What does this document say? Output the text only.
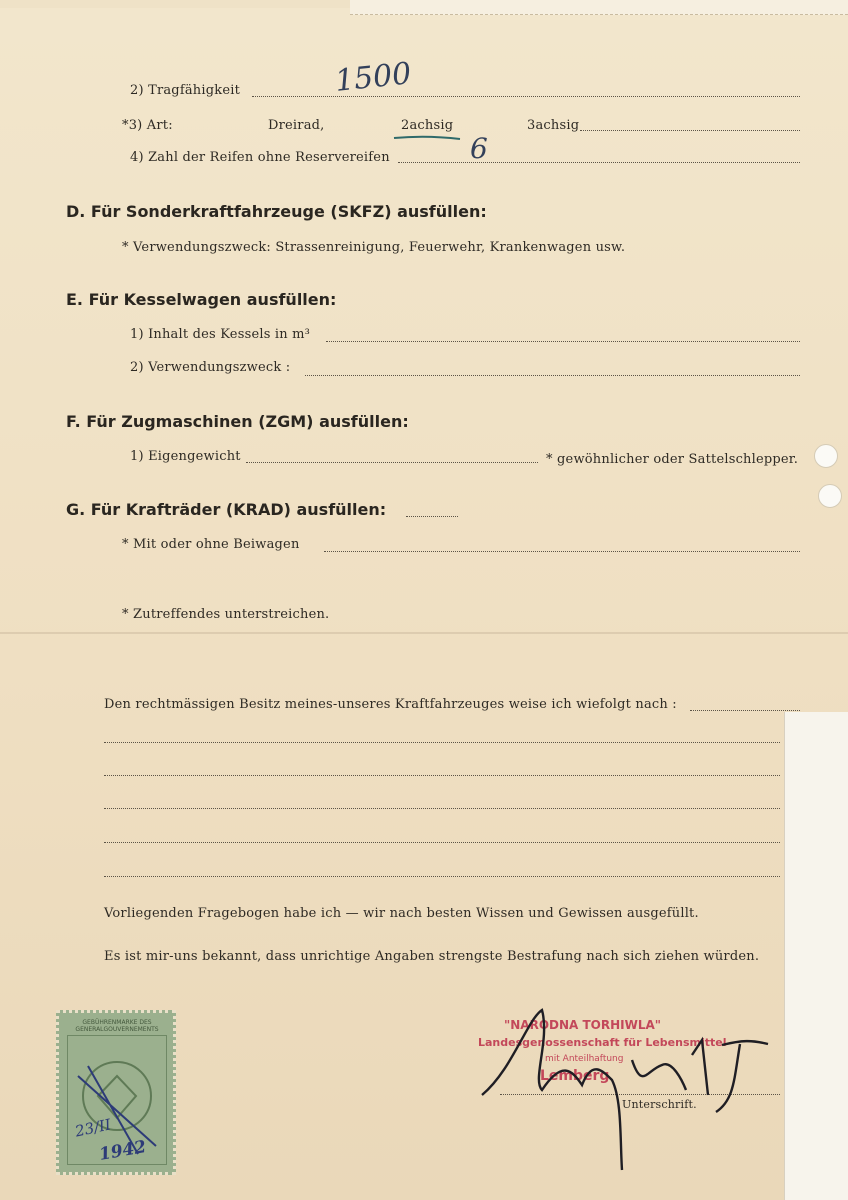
2) Tragfähigkeit	1500
*3) Art:	Dreirad,	2achsig	3achsig
4) Zahl der Reifen ohne Reservereifen	6
D. Für Sonderkraftfahrzeuge (SKFZ) ausfüllen:
* Verwendungszweck: Strassenreinigung, Feuerwehr, Krankenwagen usw.
E. Für Kesselwagen ausfüllen:
1) Inhalt des Kessels in m³
2) Verwendungszweck :
F. Für Zugmaschinen (ZGM) ausfüllen:
1) Eigengewicht	* gewöhnlicher oder Sattelschlepper.
G. Für Krafträder (KRAD) ausfüllen:
* Mit oder ohne Beiwagen
* Zutreffendes unterstreichen.
Den rechtmässigen Besitz meines-unseres Kraftfahrzeuges weise ich wiefolgt nach :
Vorliegenden Fragebogen habe ich — wir nach besten Wissen und Gewissen ausgefüllt.
Es ist mir-uns bekannt, dass unrichtige Angaben strengste Bestrafung nach sich ziehen würden.
GEBÜHRENMARKE DES GENERALGOUVERNEMENTS
23/II
1942
"NARODNA TORHIWLA"
Landesgenossenschaft für Lebensmittel
mit Anteilhaftung
Lemberg
Unterschrift.
